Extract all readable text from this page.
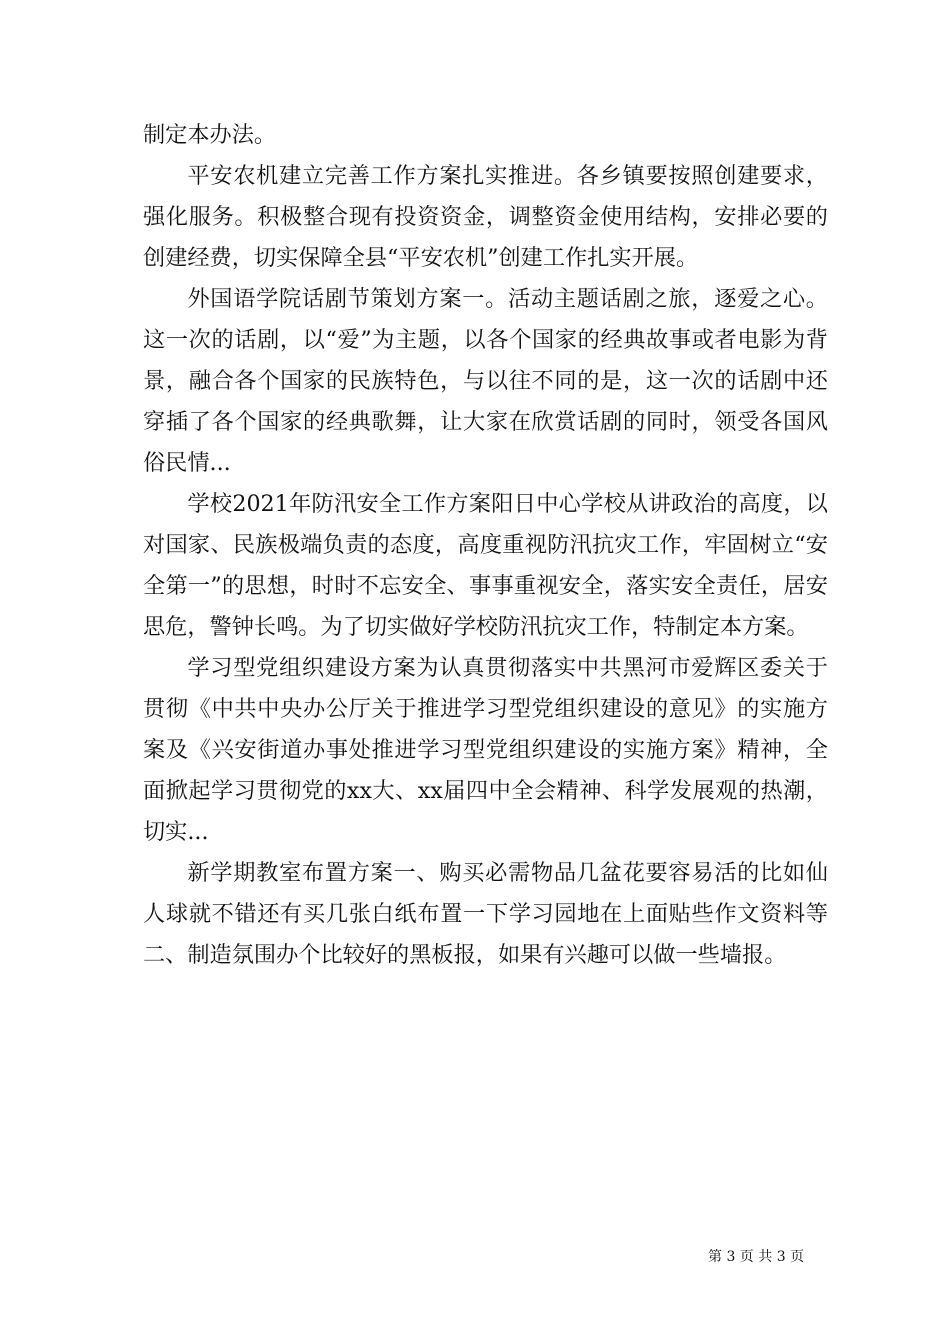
制定本办法。

平安农机建立完善工作方案扎实推进。各乡镇要按照创建要求，强化服务。积极整合现有投资资金，调整资金使用结构，安排必要的创建经费，切实保障全县“平安农机”创建工作扎实开展。

外国语学院话剧节策划方案一。活动主题话剧之旅，逐爱之心。这一次的话剧，以“爱”为主题，以各个国家的经典故事或者电影为背景，融合各个国家的民族特色，与以往不同的是，这一次的话剧中还穿插了各个国家的经典歌舞，让大家在欣赏话剧的同时，领受各国风俗民情...

学校2021年防汛安全工作方案阳日中心学校从讲政治的高度，以对国家、民族极端负责的态度，高度重视防汛抗灾工作，牢固树立“安全第一”的思想，时时不忘安全、事事重视安全，落实安全责任，居安思危，警钟长鸣。为了切实做好学校防汛抗灾工作，特制定本方案。

学习型党组织建设方案为认真贯彻落实中共黑河市爱辉区委关于贯彻《中共中央办公厅关于推进学习型党组织建设的意见》的实施方案及《兴安街道办事处推进学习型党组织建设的实施方案》精神，全面掀起学习贯彻党的xx大、xx届四中全会精神、科学发展观的热潮，切实...

新学期教室布置方案一、购买必需物品几盆花要容易活的比如仙人球就不错还有买几张白纸布置一下学习园地在上面贴些作文资料等二、制造氛围办个比较好的黑板报，如果有兴趣可以做一些墙报。

第 3 页 共 3 页
